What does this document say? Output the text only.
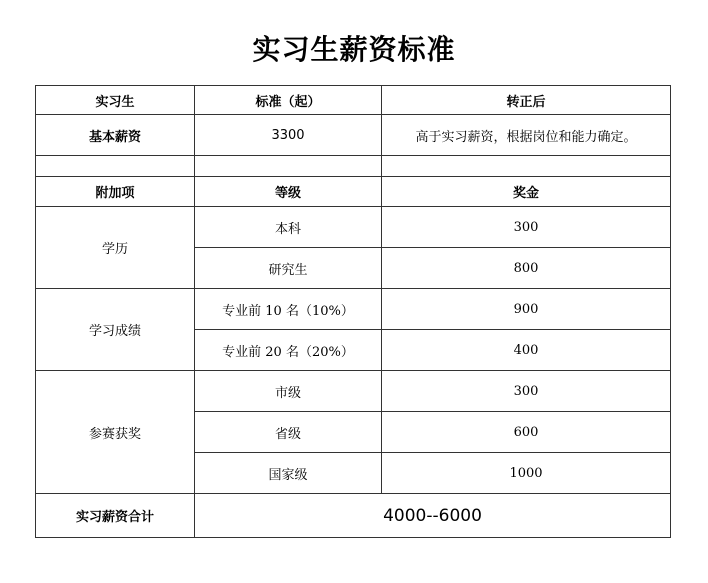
实习生薪资标准
实习生	标准（起）	转正后
基本薪资	3300	高于实习薪资，根据岗位和能力确定。

附加项	等级	奖金
学历	本科	300
	研究生	800
学习成绩	专业前 10 名（10%）	900
	专业前 20 名（20%）	400
参赛获奖	市级	300
	省级	600
	国家级	1000
实习薪资合计	4000--6000	
